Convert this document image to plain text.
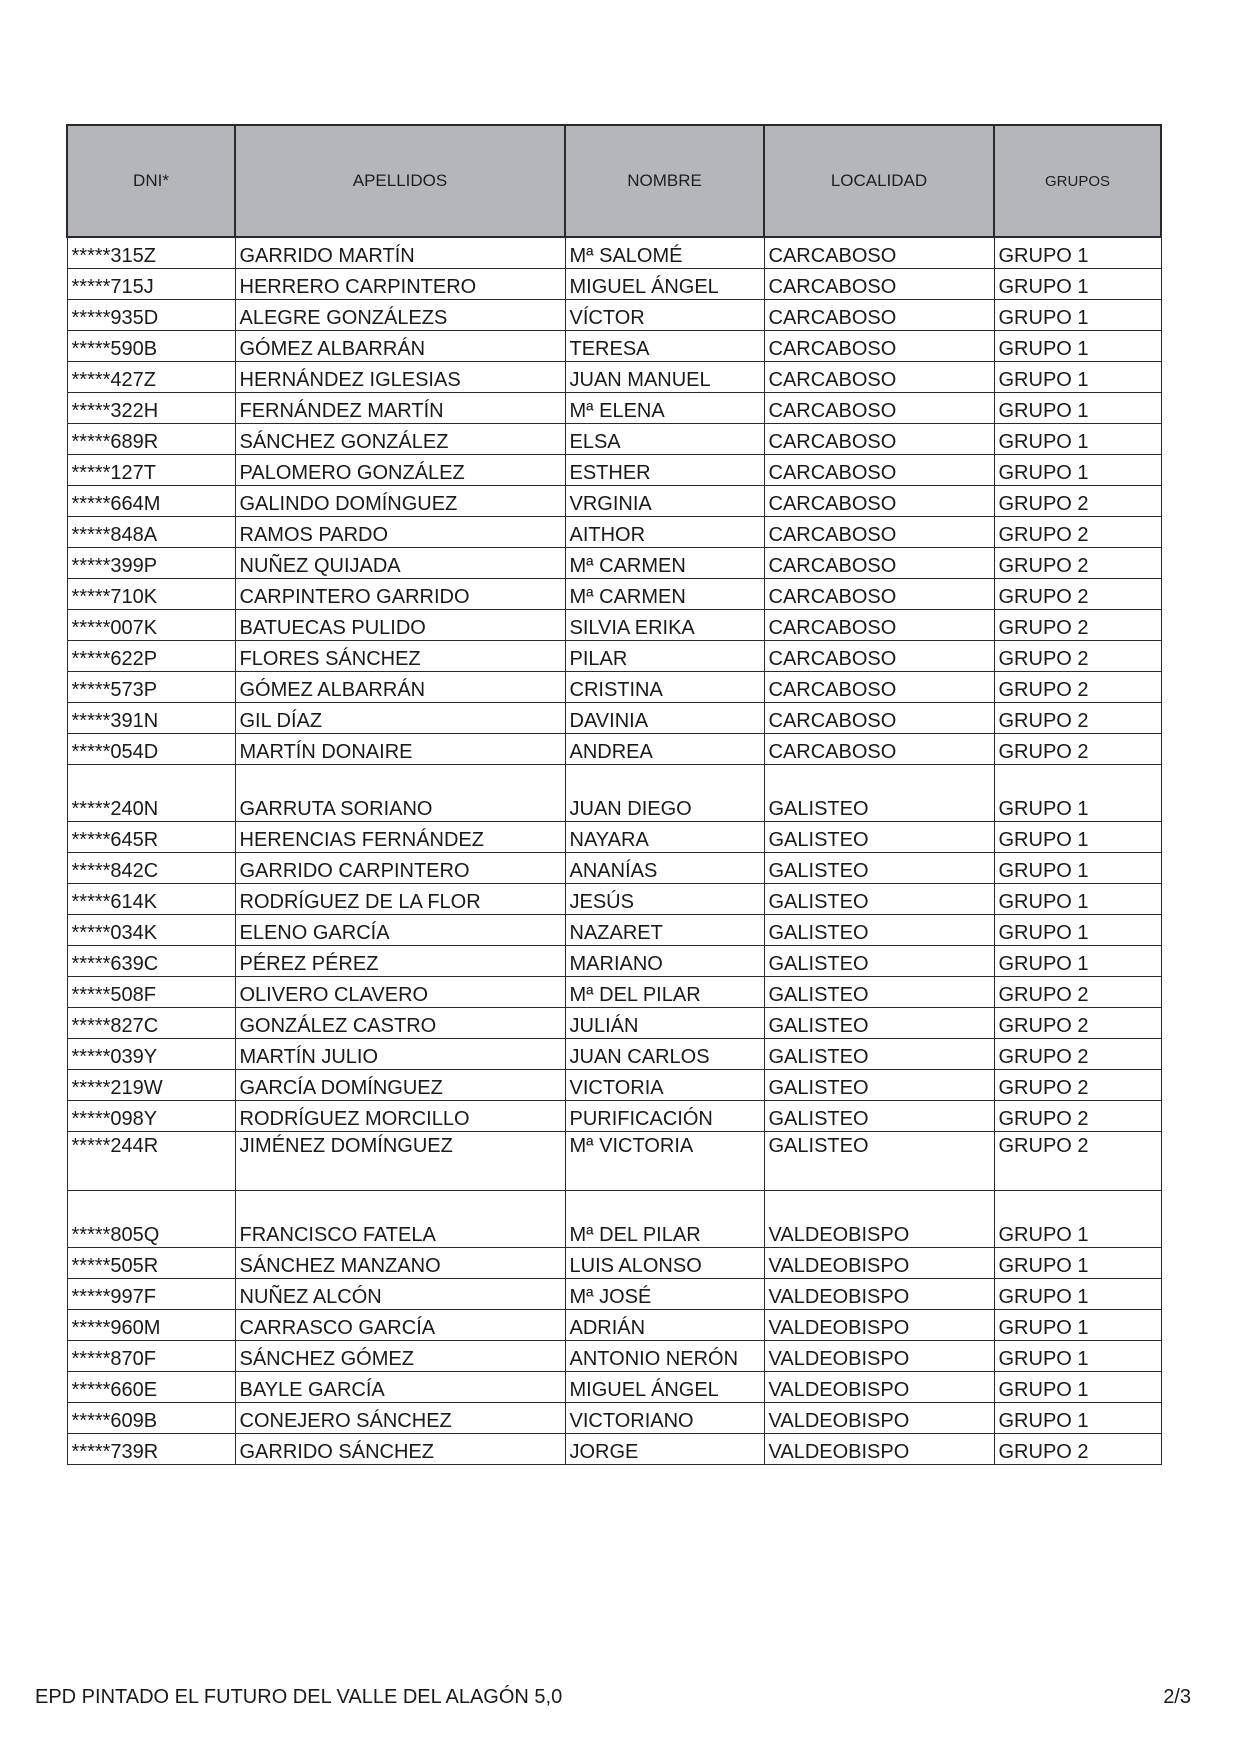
DNI*	APELLIDOS	NOMBRE	LOCALIDAD	GRUPOS
*****315Z	GARRIDO MARTÍN	Mª SALOMÉ	CARCABOSO	GRUPO 1
*****715J	HERRERO CARPINTERO	MIGUEL ÁNGEL	CARCABOSO	GRUPO 1
*****935D	ALEGRE GONZÁLEZS	VÍCTOR	CARCABOSO	GRUPO 1
*****590B	GÓMEZ ALBARRÁN	TERESA	CARCABOSO	GRUPO 1
*****427Z	HERNÁNDEZ IGLESIAS	JUAN MANUEL	CARCABOSO	GRUPO 1
*****322H	FERNÁNDEZ MARTÍN	Mª ELENA	CARCABOSO	GRUPO 1
*****689R	SÁNCHEZ GONZÁLEZ	ELSA	CARCABOSO	GRUPO 1
*****127T	PALOMERO GONZÁLEZ	ESTHER	CARCABOSO	GRUPO 1
*****664M	GALINDO DOMÍNGUEZ	VRGINIA	CARCABOSO	GRUPO 2
*****848A	RAMOS PARDO	AITHOR	CARCABOSO	GRUPO 2
*****399P	NUÑEZ QUIJADA	Mª CARMEN	CARCABOSO	GRUPO 2
*****710K	CARPINTERO GARRIDO	Mª CARMEN	CARCABOSO	GRUPO 2
*****007K	BATUECAS PULIDO	SILVIA ERIKA	CARCABOSO	GRUPO 2
*****622P	FLORES SÁNCHEZ	PILAR	CARCABOSO	GRUPO 2
*****573P	GÓMEZ ALBARRÁN	CRISTINA	CARCABOSO	GRUPO 2
*****391N	GIL DÍAZ	DAVINIA	CARCABOSO	GRUPO 2
*****054D	MARTÍN DONAIRE	ANDREA	CARCABOSO	GRUPO 2
*****240N	GARRUTA SORIANO	JUAN DIEGO	GALISTEO	GRUPO 1
*****645R	HERENCIAS FERNÁNDEZ	NAYARA	GALISTEO	GRUPO 1
*****842C	GARRIDO CARPINTERO	ANANÍAS	GALISTEO	GRUPO 1
*****614K	RODRÍGUEZ DE LA FLOR	JESÚS	GALISTEO	GRUPO 1
*****034K	ELENO GARCÍA	NAZARET	GALISTEO	GRUPO 1
*****639C	PÉREZ PÉREZ	MARIANO	GALISTEO	GRUPO 1
*****508F	OLIVERO CLAVERO	Mª DEL PILAR	GALISTEO	GRUPO 2
*****827C	GONZÁLEZ CASTRO	JULIÁN	GALISTEO	GRUPO 2
*****039Y	MARTÍN JULIO	JUAN CARLOS	GALISTEO	GRUPO 2
*****219W	GARCÍA DOMÍNGUEZ	VICTORIA	GALISTEO	GRUPO 2
*****098Y	RODRÍGUEZ MORCILLO	PURIFICACIÓN	GALISTEO	GRUPO 2
*****244R	JIMÉNEZ DOMÍNGUEZ	Mª VICTORIA	GALISTEO	GRUPO 2
*****805Q	FRANCISCO FATELA	Mª DEL PILAR	VALDEOBISPO	GRUPO 1
*****505R	SÁNCHEZ MANZANO	LUIS ALONSO	VALDEOBISPO	GRUPO 1
*****997F	NUÑEZ ALCÓN	Mª JOSÉ	VALDEOBISPO	GRUPO 1
*****960M	CARRASCO GARCÍA	ADRIÁN	VALDEOBISPO	GRUPO 1
*****870F	SÁNCHEZ GÓMEZ	ANTONIO NERÓN	VALDEOBISPO	GRUPO 1
*****660E	BAYLE GARCÍA	MIGUEL ÁNGEL	VALDEOBISPO	GRUPO 1
*****609B	CONEJERO SÁNCHEZ	VICTORIANO	VALDEOBISPO	GRUPO 1
*****739R	GARRIDO SÁNCHEZ	JORGE	VALDEOBISPO	GRUPO 2
EPD PINTADO EL FUTURO DEL VALLE DEL ALAGÓN 5,0	2/3
